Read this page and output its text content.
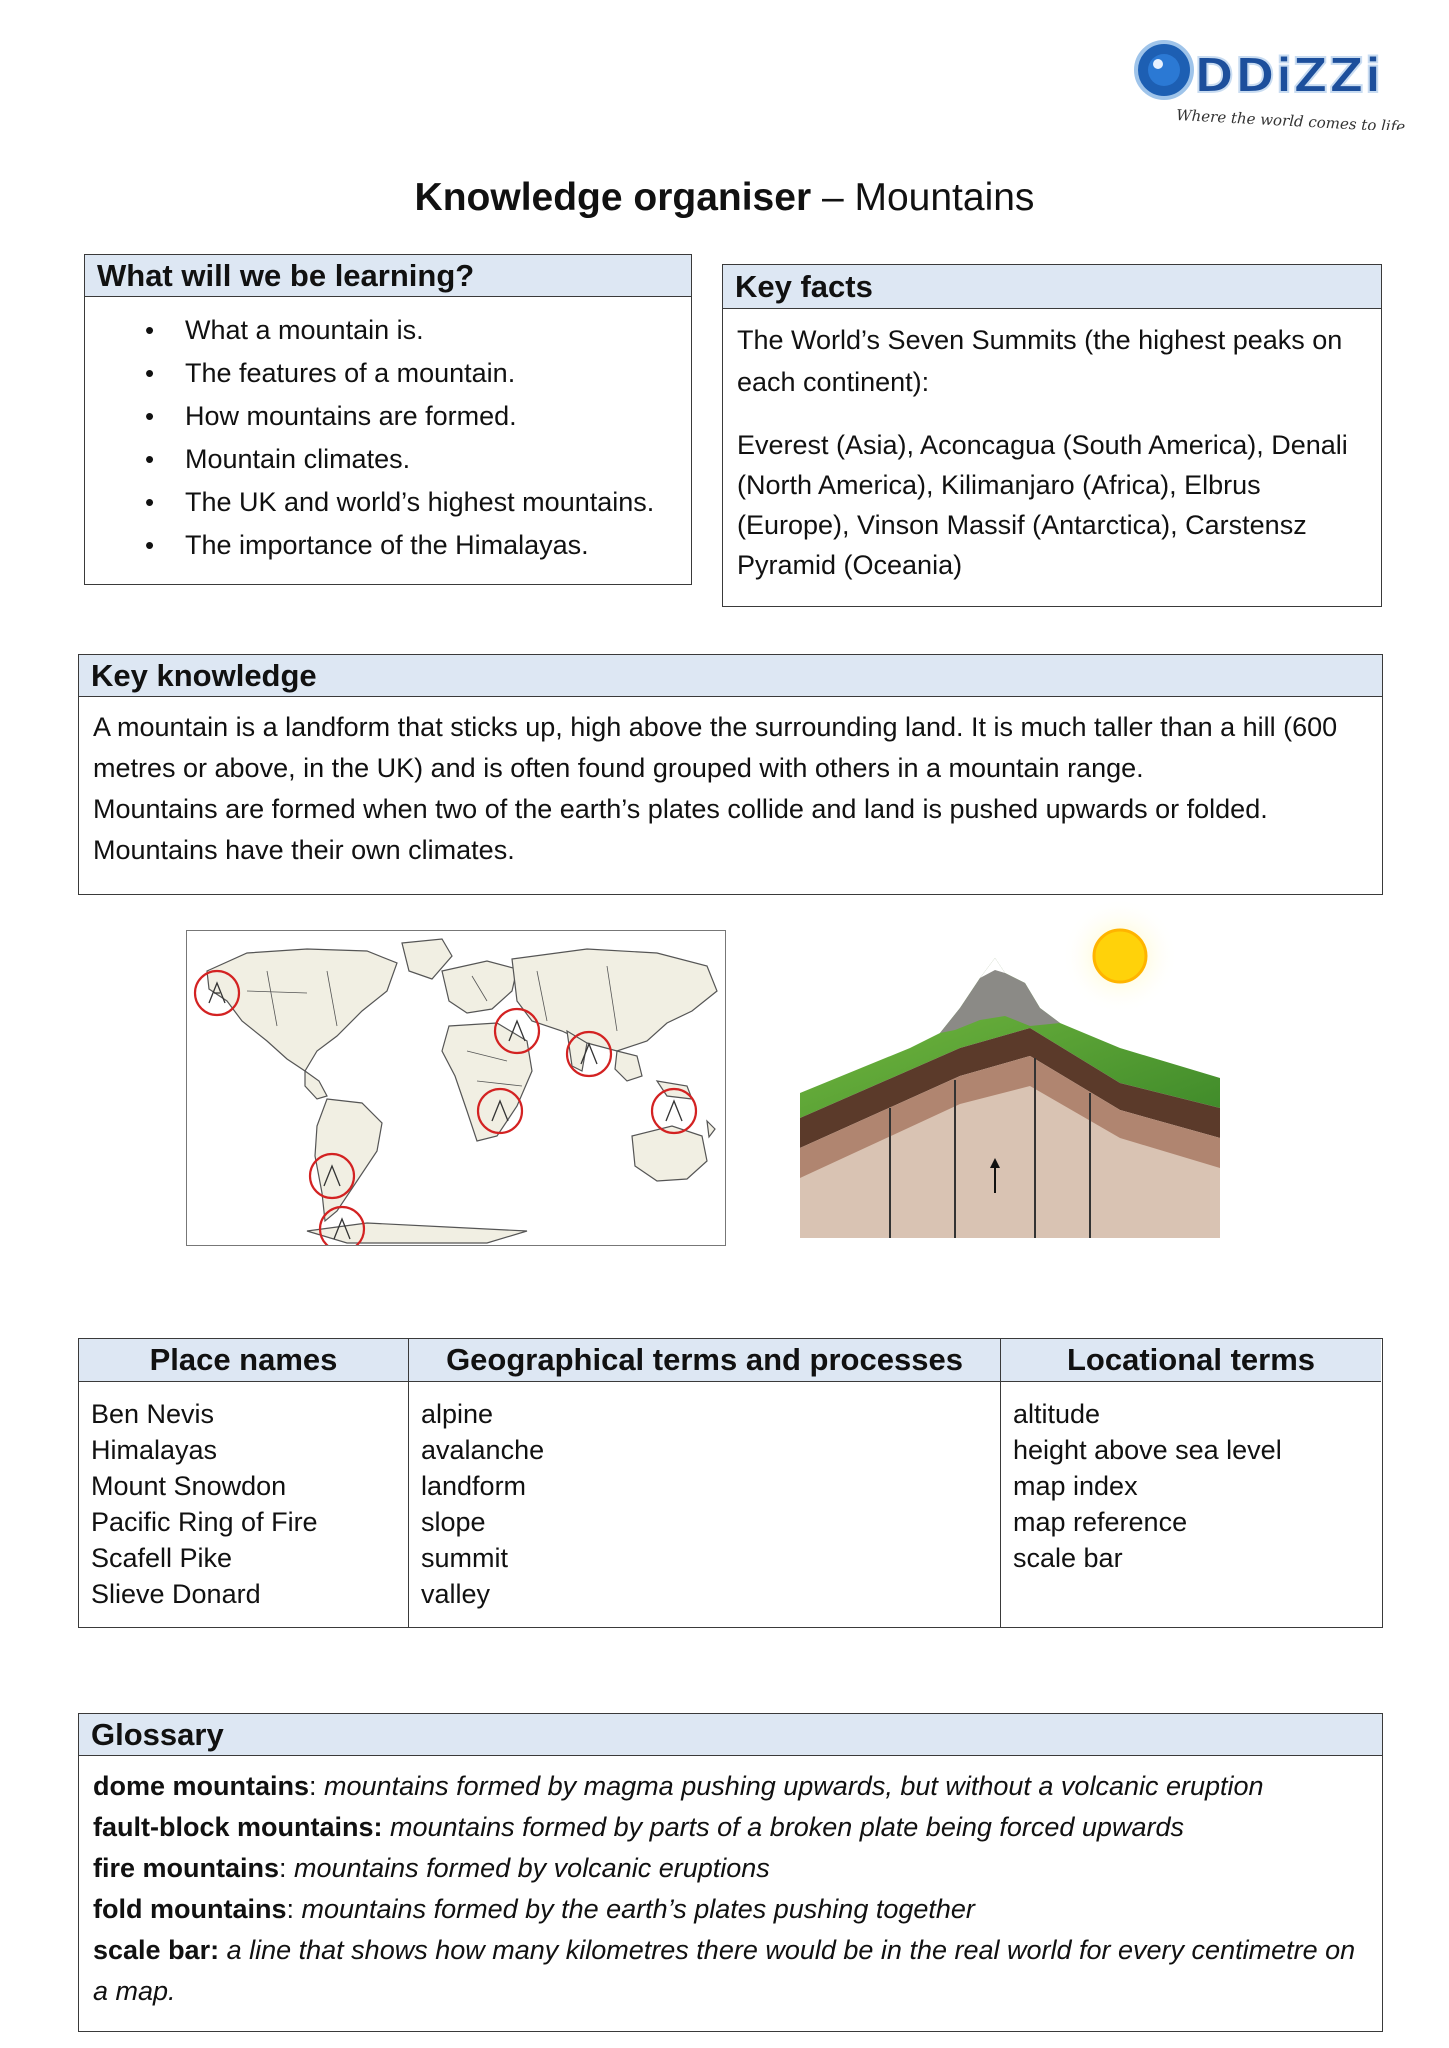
DDiZZi
Where the world comes to life
Knowledge organiser – Mountains
What will we be learning?
• What a mountain is.
• The features of a mountain.
• How mountains are formed.
• Mountain climates.
• The UK and world’s highest mountains.
• The importance of the Himalayas.
Key facts
The World’s Seven Summits (the highest peaks on each continent):
Everest (Asia), Aconcagua (South America), Denali (North America), Kilimanjaro (Africa), Elbrus (Europe), Vinson Massif (Antarctica), Carstensz Pyramid (Oceania)
Key knowledge
A mountain is a landform that sticks up, high above the surrounding land. It is much taller than a hill (600 metres or above, in the UK) and is often found grouped with others in a mountain range.
Mountains are formed when two of the earth’s plates collide and land is pushed upwards or folded.
Mountains have their own climates.
Place names
Ben Nevis
Himalayas
Mount Snowdon
Pacific Ring of Fire
Scafell Pike
Slieve Donard
Geographical terms and processes
alpine
avalanche
landform
slope
summit
valley
Locational terms
altitude
height above sea level
map index
map reference
scale bar
Glossary
dome mountains: mountains formed by magma pushing upwards, but without a volcanic eruption
fault-block mountains: mountains formed by parts of a broken plate being forced upwards
fire mountains: mountains formed by volcanic eruptions
fold mountains: mountains formed by the earth’s plates pushing together
scale bar: a line that shows how many kilometres there would be in the real world for every centimetre on a map.
